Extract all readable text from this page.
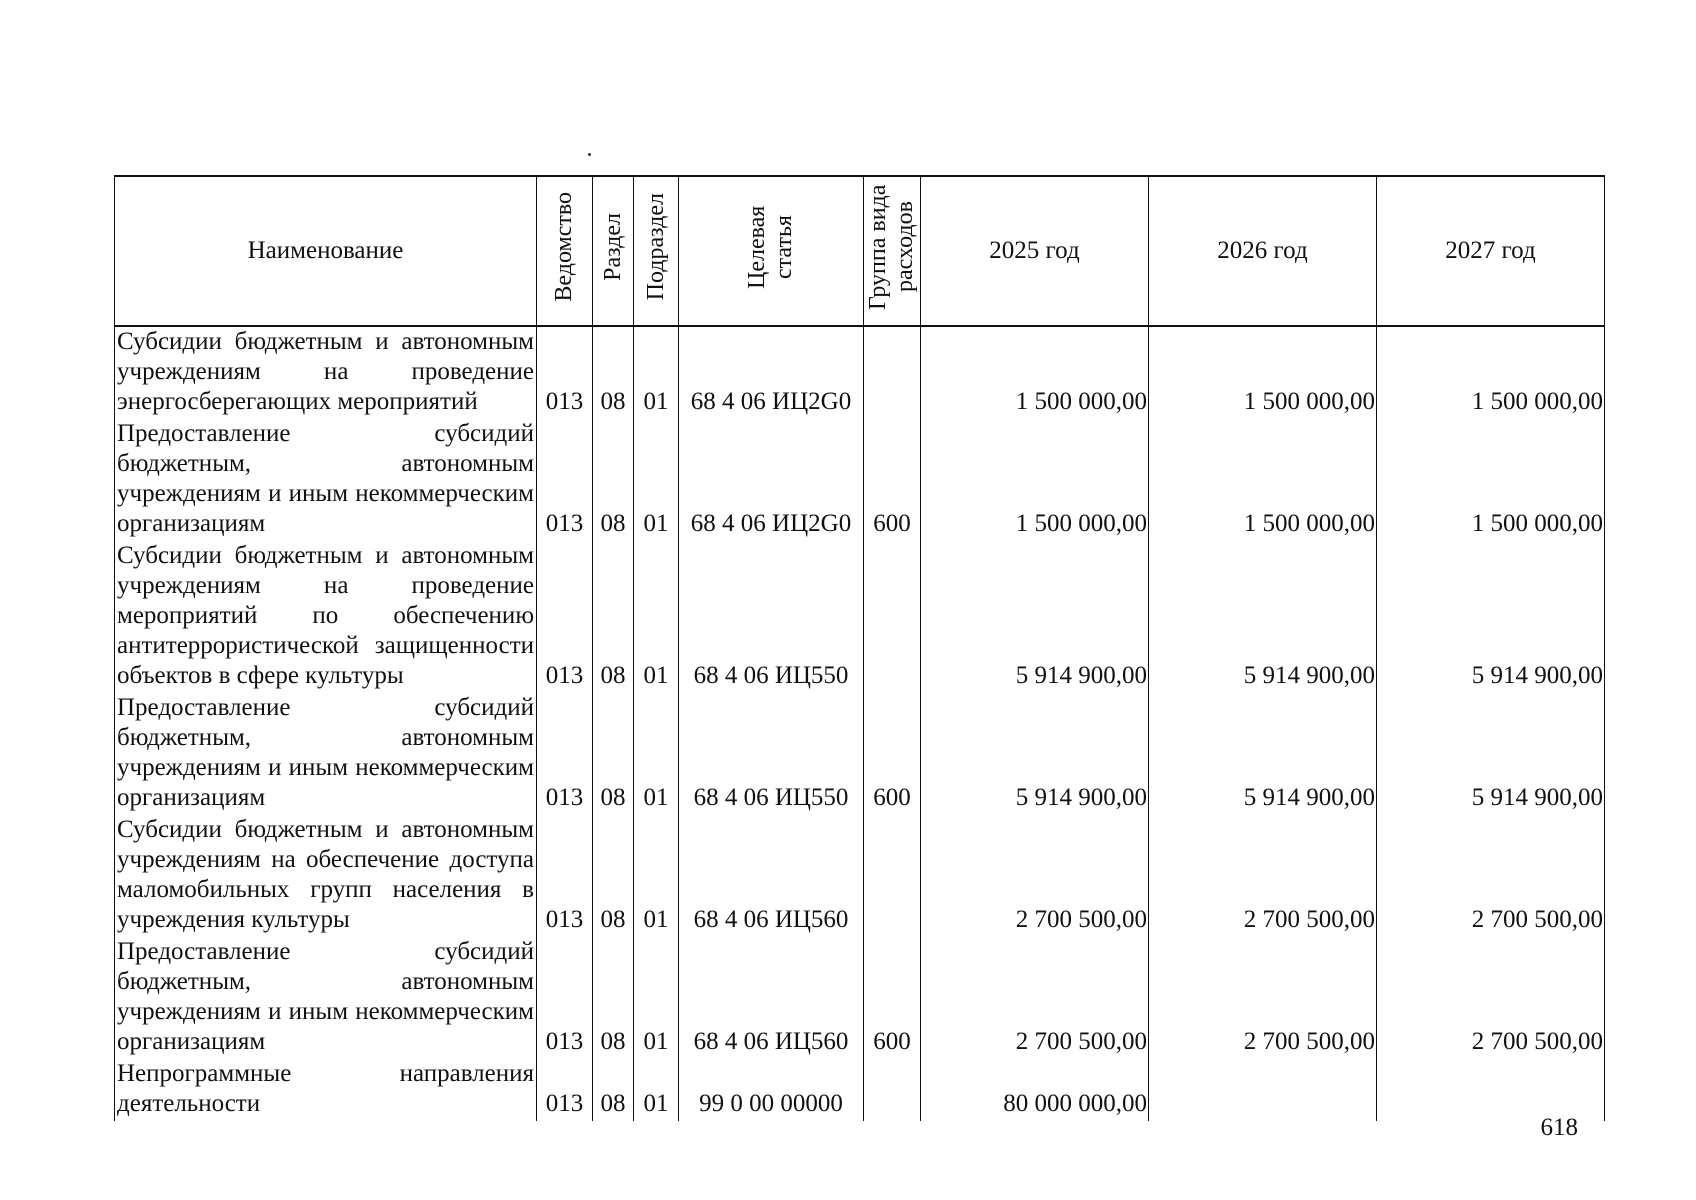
Наименование	Ведомство	Раздел	Подраздел	Целевая статья	Группа вида расходов	2025 год	2026 год	2027 год
Субсидии бюджетным и автономным учреждениям на проведение энергосберегающих мероприятий	013	08	01	68 4 06 ИЦ2G0		1 500 000,00	1 500 000,00	1 500 000,00
Предоставление субсидий бюджетным, автономным учреждениям и иным некоммерческим организациям	013	08	01	68 4 06 ИЦ2G0	600	1 500 000,00	1 500 000,00	1 500 000,00
Субсидии бюджетным и автономным учреждениям на проведение мероприятий по обеспечению антитеррористической защищенности объектов в сфере культуры	013	08	01	68 4 06 ИЦ550		5 914 900,00	5 914 900,00	5 914 900,00
Предоставление субсидий бюджетным, автономным учреждениям и иным некоммерческим организациям	013	08	01	68 4 06 ИЦ550	600	5 914 900,00	5 914 900,00	5 914 900,00
Субсидии бюджетным и автономным учреждениям на обеспечение доступа маломобильных групп населения в учреждения культуры	013	08	01	68 4 06 ИЦ560		2 700 500,00	2 700 500,00	2 700 500,00
Предоставление субсидий бюджетным, автономным учреждениям и иным некоммерческим организациям	013	08	01	68 4 06 ИЦ560	600	2 700 500,00	2 700 500,00	2 700 500,00
Непрограммные направления деятельности	013	08	01	99 0 00 00000		80 000 000,00		
618
